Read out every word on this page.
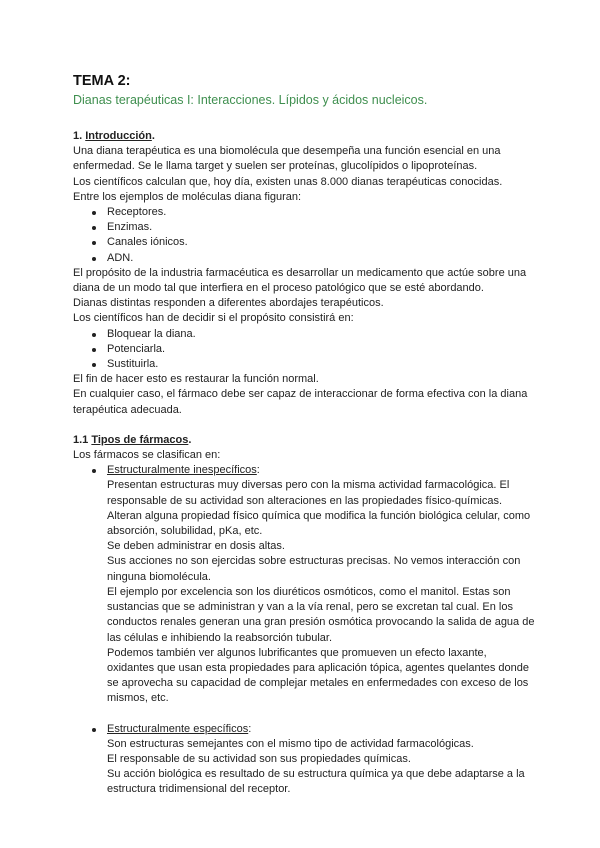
TEMA 2:
Dianas terapéuticas I: Interacciones. Lípidos y ácidos nucleicos.
1. Introducción.

Una diana terapéutica es una biomolécula que desempeña una función esencial en una enfermedad. Se le llama target y suelen ser proteínas, glucolípidos o lipoproteínas.

Los científicos calculan que, hoy día, existen unas 8.000 dianas terapéuticas conocidas.

Entre los ejemplos de moléculas diana figuran:

Receptores.
Enzimas.
Canales iónicos.
ADN.

El propósito de la industria farmacéutica es desarrollar un medicamento que actúe sobre una diana de un modo tal que interfiera en el proceso patológico que se esté abordando.

Dianas distintas responden a diferentes abordajes terapéuticos.

Los científicos han de decidir si el propósito consistirá en:

Bloquear la diana.
Potenciarla.
Sustituirla.

El fin de hacer esto es restaurar la función normal.

En cualquier caso, el fármaco debe ser capaz de interaccionar de forma efectiva con la diana terapéutica adecuada.

1.1 Tipos de fármacos.

Los fármacos se clasifican en:

Estructuralmente inespecíficos:

Presentan estructuras muy diversas pero con la misma actividad farmacológica. El responsable de su actividad son alteraciones en las propiedades físico-químicas.

Alteran alguna propiedad físico química que modifica la función biológica celular, como absorción, solubilidad, pKa, etc.

Se deben administrar en dosis altas.

Sus acciones no son ejercidas sobre estructuras precisas. No vemos interacción con ninguna biomolécula.

El ejemplo por excelencia son los diuréticos osmóticos, como el manitol. Estas son sustancias que se administran y van a la vía renal, pero se excretan tal cual. En los conductos renales generan una gran presión osmótica provocando la salida de agua de las células e inhibiendo la reabsorción tubular.

Podemos también ver algunos lubrificantes que promueven un efecto laxante, oxidantes que usan esta propiedades para aplicación tópica, agentes quelantes donde se aprovecha su capacidad de complejar metales en enfermedades con exceso de los mismos, etc.

Estructuralmente específicos:

Son estructuras semejantes con el mismo tipo de actividad farmacológicas.

El responsable de su actividad son sus propiedades químicas.

Su acción biológica es resultado de su estructura química ya que debe adaptarse a la estructura tridimensional del receptor.
